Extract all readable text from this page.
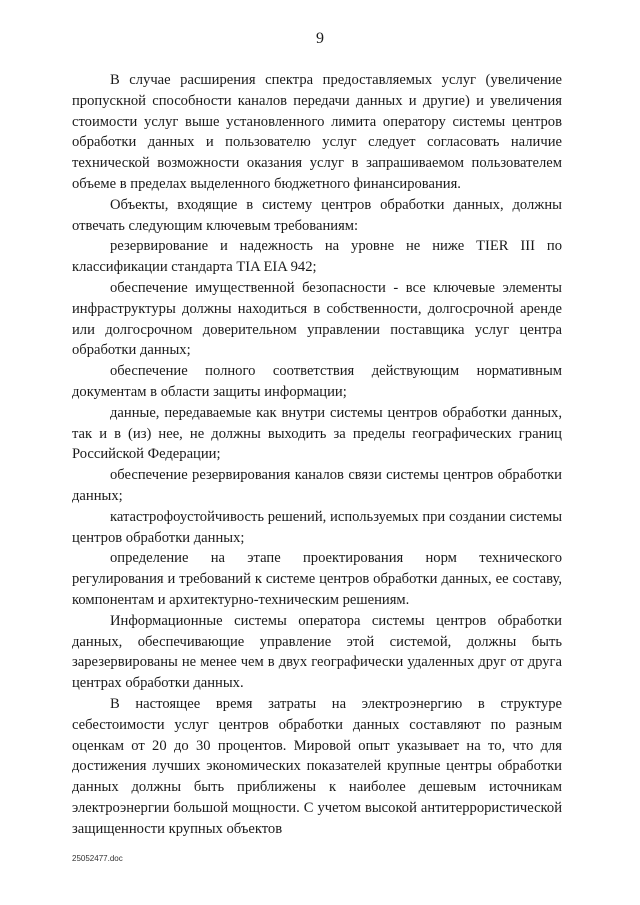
9

В случае расширения спектра предоставляемых услуг (увеличение пропускной способности каналов передачи данных и другие) и увеличения стоимости услуг выше установленного лимита оператору системы центров обработки данных и пользователю услуг следует согласовать наличие технической возможности оказания услуг в запрашиваемом пользователем объеме в пределах выделенного бюджетного финансирования.

Объекты, входящие в систему центров обработки данных, должны отвечать следующим ключевым требованиям:

резервирование и надежность на уровне не ниже TIER III по классификации стандарта TIA EIA 942;

обеспечение имущественной безопасности - все ключевые элементы инфраструктуры должны находиться в собственности, долгосрочной аренде или долгосрочном доверительном управлении поставщика услуг центра обработки данных;

обеспечение полного соответствия действующим нормативным документам в области защиты информации;

данные, передаваемые как внутри системы центров обработки данных, так и в (из) нее, не должны выходить за пределы географических границ Российской Федерации;

обеспечение резервирования каналов связи системы центров обработки данных;

катастрофоустойчивость решений, используемых при создании системы центров обработки данных;

определение на этапе проектирования норм технического регулирования и требований к системе центров обработки данных, ее составу, компонентам и архитектурно-техническим решениям.

Информационные системы оператора системы центров обработки данных, обеспечивающие управление этой системой, должны быть зарезервированы не менее чем в двух географически удаленных друг от друга центрах обработки данных.

В настоящее время затраты на электроэнергию в структуре себестоимости услуг центров обработки данных составляют по разным оценкам от 20 до 30 процентов. Мировой опыт указывает на то, что для достижения лучших экономических показателей крупные центры обработки данных должны быть приближены к наиболее дешевым источникам электроэнергии большой мощности. С учетом высокой антитеррористической защищенности крупных объектов

25052477.doc
